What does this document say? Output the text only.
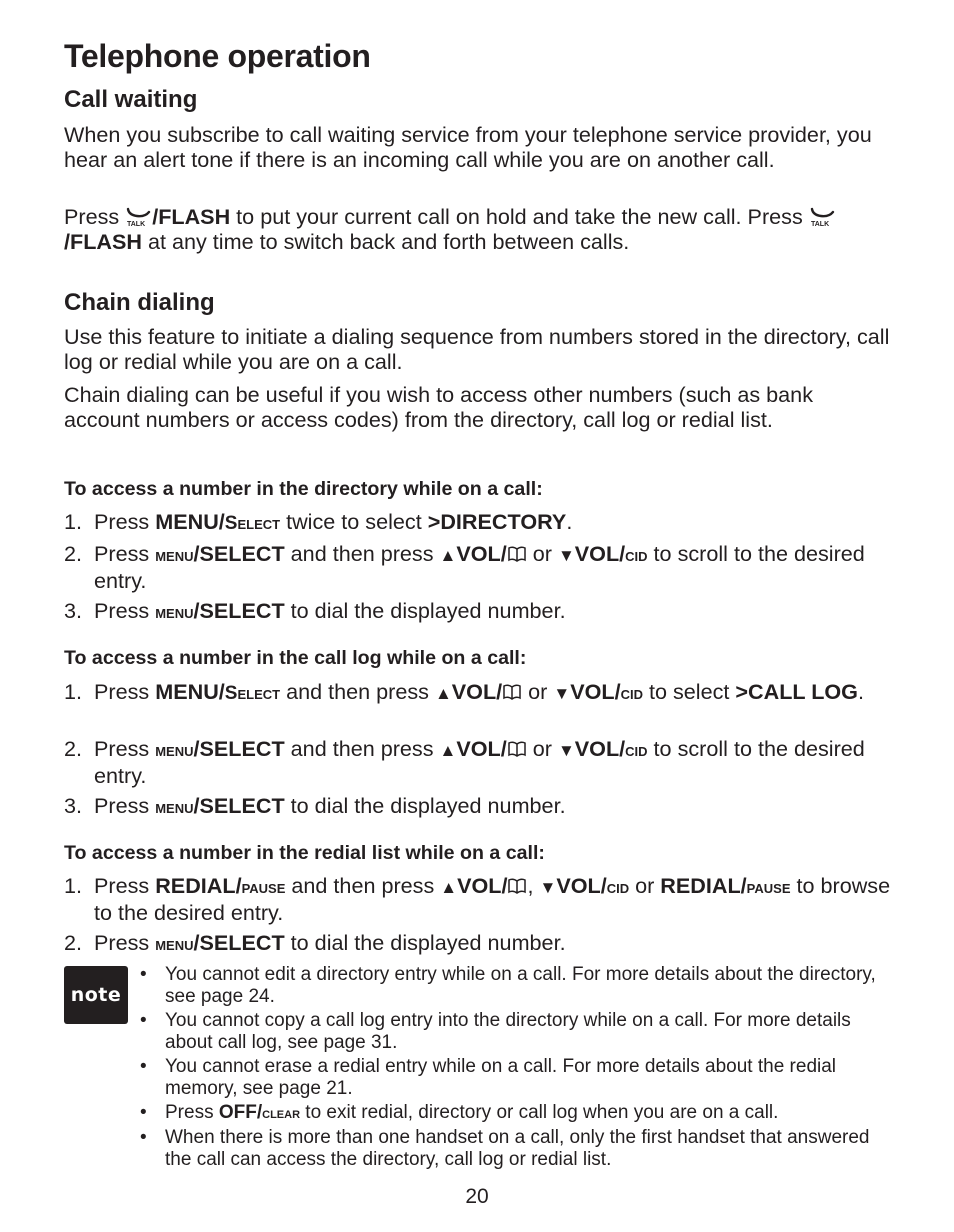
Telephone operation
Call waiting

When you subscribe to call waiting service from your telephone service provider, you hear an alert tone if there is an incoming call while you are on another call.

Press TALK /FLASH to put your current call on hold and take the new call. Press TALK
/FLASH at any time to switch back and forth between calls.

Chain dialing

Use this feature to initiate a dialing sequence from numbers stored in the directory, call log or redial while you are on a call.

Chain dialing can be useful if you wish to access other numbers (such as bank account numbers or access codes) from the directory, call log or redial list.

To access a number in the directory while on a call:
1. Press MENU/Select twice to select >DIRECTORY.
2. Press menu/SELECT and then press ▲VOL/ or ▼VOL/cid to scroll to the desired entry.
3. Press menu/SELECT to dial the displayed number.
To access a number in the call log while on a call:
1. Press MENU/Select and then press ▲VOL/ or ▼VOL/cid to select >CALL LOG.
2. Press menu/SELECT and then press ▲VOL/ or ▼VOL/cid to scroll to the desired entry.
3. Press menu/SELECT to dial the displayed number.
To access a number in the redial list while on a call:
1. Press REDIAL/pause and then press ▲VOL/ , ▼VOL/cid or REDIAL/pause to browse to the desired entry.
2. Press menu/SELECT to dial the displayed number.
note
• You cannot edit a directory entry while on a call. For more details about the directory, see page 24.
• You cannot copy a call log entry into the directory while on a call. For more details about call log, see page 31.
• You cannot erase a redial entry while on a call. For more details about the redial memory, see page 21.
• Press OFF/clear to exit redial, directory or call log when you are on a call.
• When there is more than one handset on a call, only the first handset that answered the call can access the directory, call log or redial list.
20
